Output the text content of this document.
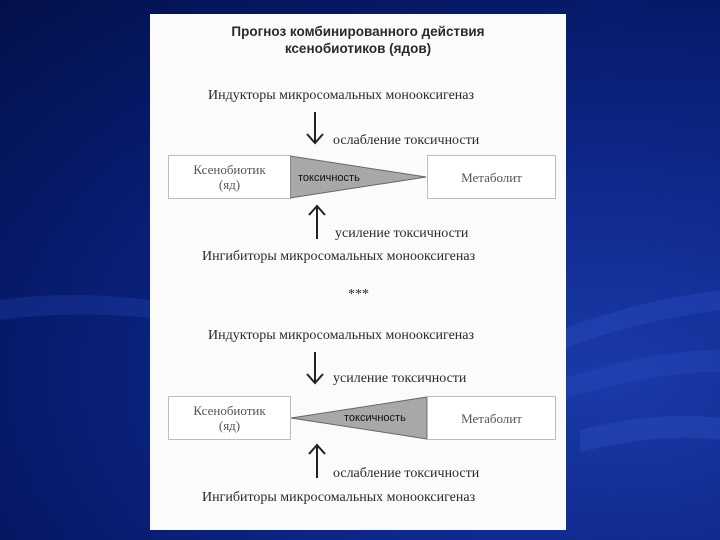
Прогноз комбинированного действия
ксенобиотиков (ядов)
Индукторы микросомальных монооксигеназ
ослабление токсичности
Ксенобиотик
(яд)	токсичность	Метаболит
усиление токсичности
Ингибиторы микросомальных монооксигеназ
***
Индукторы микросомальных монооксигеназ
усиление токсичности
Ксенобиотик
(яд)	токсичность	Метаболит
ослабление токсичности
Ингибиторы микросомальных монооксигеназ
